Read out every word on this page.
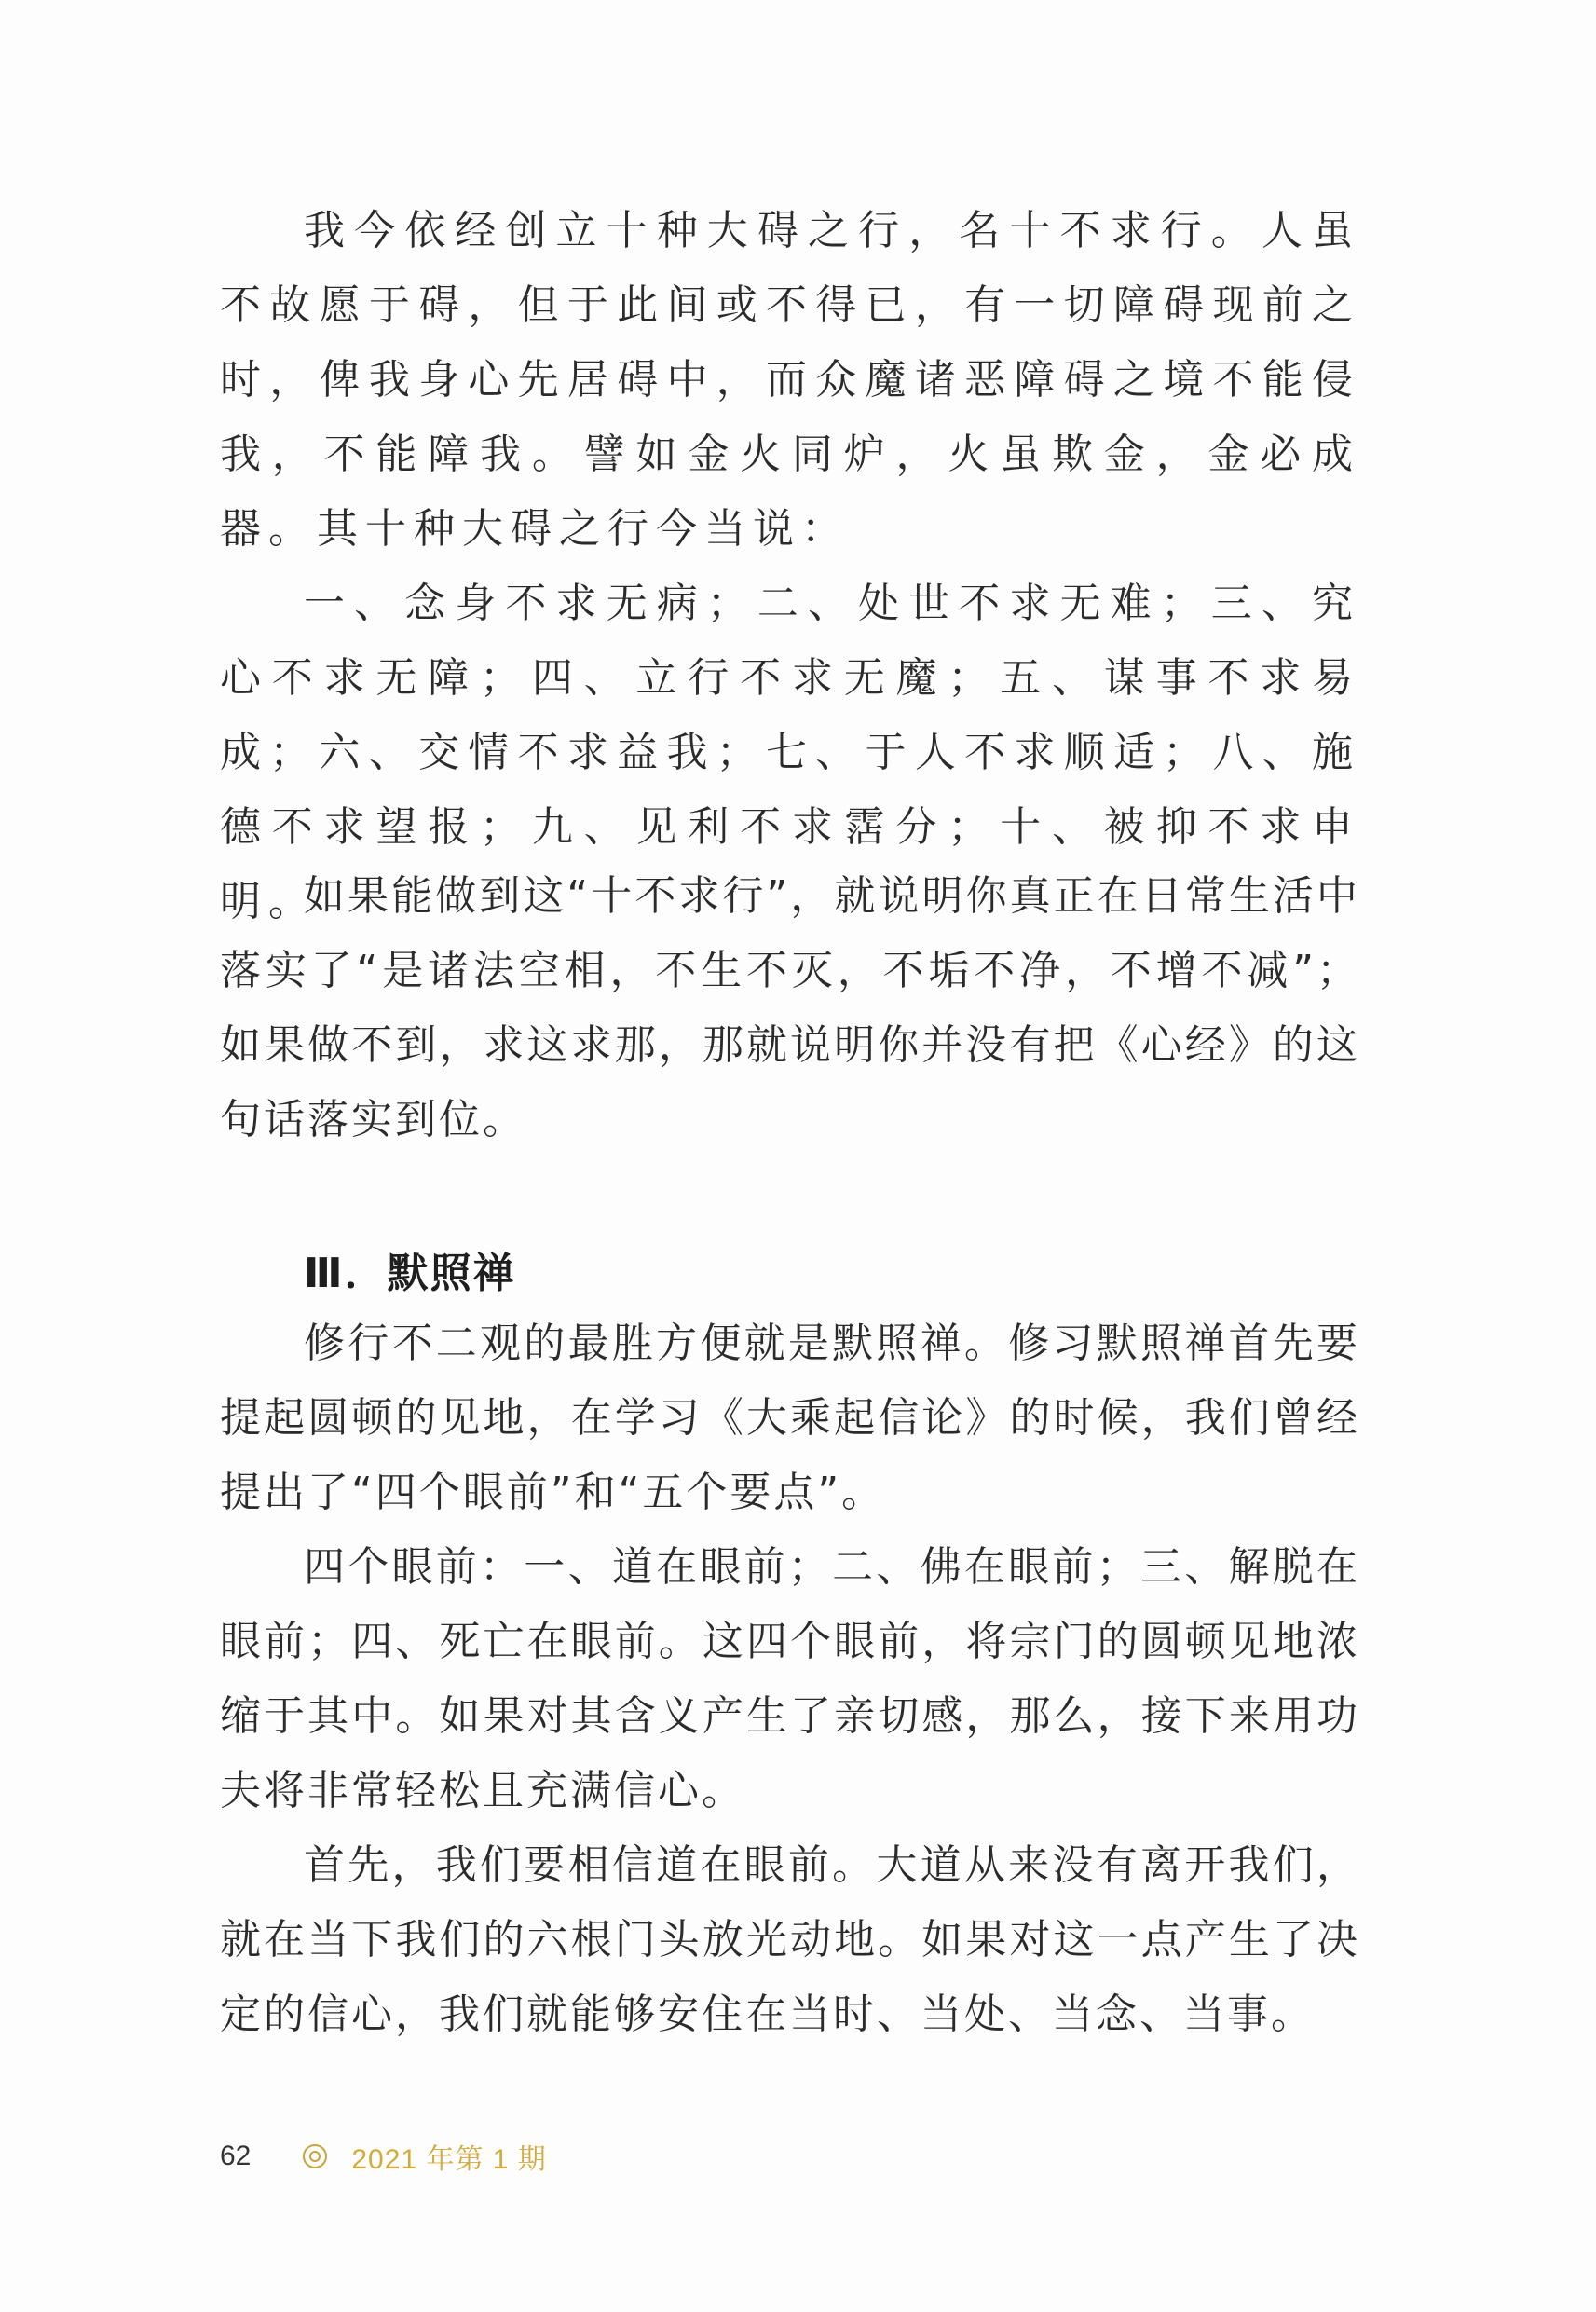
我今依经创立十种大碍之行，名十不求行。人虽不故愿于碍，但于此间或不得已，有一切障碍现前之时，俾我身心先居碍中，而众魔诸恶障碍之境不能侵我，不能障我。譬如金火同炉，火虽欺金，金必成器。其十种大碍之行今当说：

一、念身不求无病；二、处世不求无难；三、究心不求无障；四、立行不求无魔；五、谋事不求易成；六、交情不求益我；七、于人不求顺适；八、施德不求望报；九、见利不求霑分；十、被抑不求申明。

如果能做到这“十不求行”，就说明你真正在日常生活中落实了“是诸法空相，不生不灭，不垢不净，不增不减”；如果做不到，求这求那，那就说明你并没有把《心经》的这句话落实到位。

Ⅲ．默照禅

修行不二观的最胜方便就是默照禅。修习默照禅首先要提起圆顿的见地，在学习《大乘起信论》的时候，我们曾经提出了“四个眼前”和“五个要点”。

四个眼前：一、道在眼前；二、佛在眼前；三、解脱在眼前；四、死亡在眼前。这四个眼前，将宗门的圆顿见地浓缩于其中。如果对其含义产生了亲切感，那么，接下来用功夫将非常轻松且充满信心。

首先，我们要相信道在眼前。大道从来没有离开我们，就在当下我们的六根门头放光动地。如果对这一点产生了决定的信心，我们就能够安住在当时、当处、当念、当事。

62	2021 年第 1 期
